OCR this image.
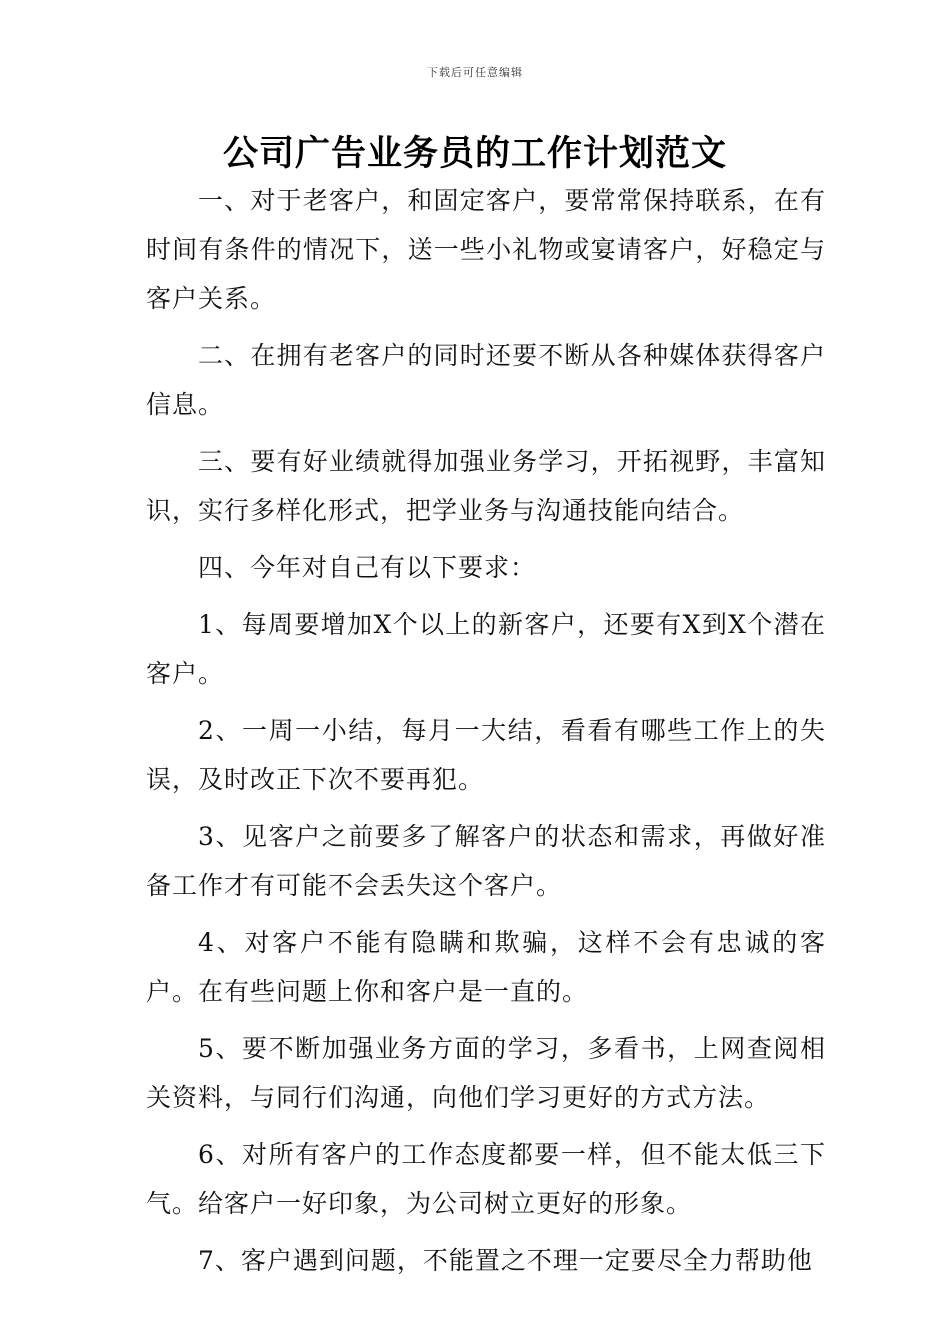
下载后可任意编辑
公司广告业务员的工作计划范文

一、对于老客户，和固定客户，要常常保持联系，在有时间有条件的情况下，送一些小礼物或宴请客户，好稳定与客户关系。

二、在拥有老客户的同时还要不断从各种媒体获得客户信息。

三、要有好业绩就得加强业务学习，开拓视野，丰富知识，实行多样化形式，把学业务与沟通技能向结合。

四、今年对自己有以下要求：

1、每周要增加X个以上的新客户，还要有X到X个潜在客户。

2、一周一小结，每月一大结，看看有哪些工作上的失误，及时改正下次不要再犯。

3、见客户之前要多了解客户的状态和需求，再做好准备工作才有可能不会丢失这个客户。

4、对客户不能有隐瞒和欺骗，这样不会有忠诚的客户。在有些问题上你和客户是一直的。

5、要不断加强业务方面的学习，多看书，上网查阅相关资料，与同行们沟通，向他们学习更好的方式方法。

6、对所有客户的工作态度都要一样，但不能太低三下气。给客户一好印象，为公司树立更好的形象。

7、客户遇到问题，不能置之不理一定要尽全力帮助他
